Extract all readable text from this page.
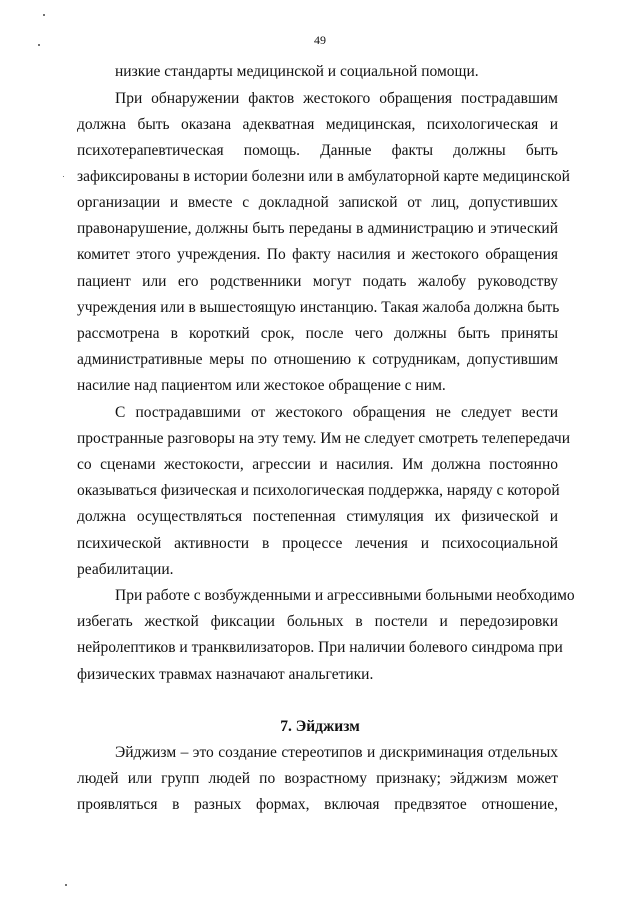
49
низкие стандарты медицинской и социальной помощи.
При обнаружении фактов жестокого обращения пострадавшим
должна быть оказана адекватная медицинская, психологическая и
психотерапевтическая помощь. Данные факты должны быть
зафиксированы в истории болезни или в амбулаторной карте медицинской
организации и вместе с докладной запиской от лиц, допустивших
правонарушение, должны быть переданы в администрацию и этический
комитет этого учреждения. По факту насилия и жестокого обращения
пациент или его родственники могут подать жалобу руководству
учреждения или в вышестоящую инстанцию. Такая жалоба должна быть
рассмотрена в короткий срок, после чего должны быть приняты
административные меры по отношению к сотрудникам, допустившим
насилие над пациентом или жестокое обращение с ним.
С пострадавшими от жестокого обращения не следует вести
пространные разговоры на эту тему. Им не следует смотреть телепередачи
со сценами жестокости, агрессии и насилия. Им должна постоянно
оказываться физическая и психологическая поддержка, наряду с которой
должна осуществляться постепенная стимуляция их физической и
психической активности в процессе лечения и психосоциальной
реабилитации.
При работе с возбужденными и агрессивными больными необходимо
избегать жесткой фиксации больных в постели и передозировки
нейролептиков и транквилизаторов. При наличии болевого синдрома при
физических травмах назначают анальгетики.
Эйджизм – это создание стереотипов и дискриминация отдельных
людей или групп людей по возрастному признаку; эйджизм может
проявляться в разных формах, включая предвзятое отношение,
7. Эйджизм
